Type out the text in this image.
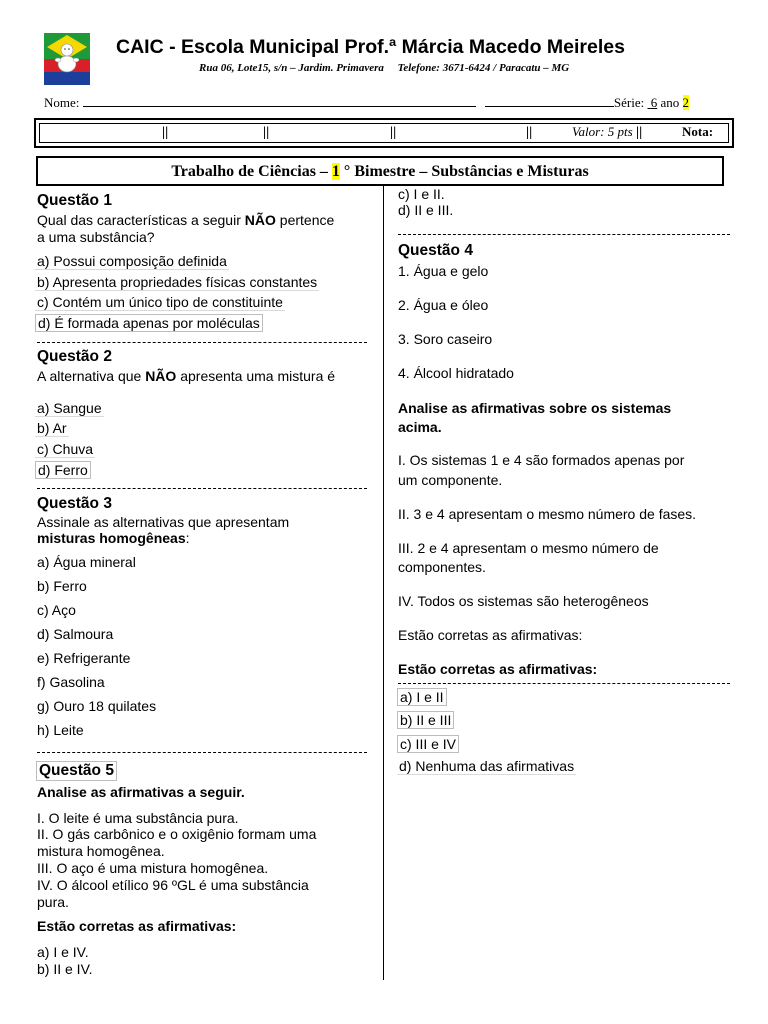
CAIC - Escola Municipal Prof.ª Márcia Macedo Meireles
Rua 06, Lote15, s/n – Jardim. Primavera     Telefone: 3671-6424 / Paracatu – MG
Nome:	Série: 6 ano 2
||	||	||	||	||
Valor: 5 pts	Nota:
Trabalho de Ciências – 1 ° Bimestre – Substâncias e Misturas
Questão 1
Qual das características a seguir NÃO pertence
a uma substância?
a) Possui composição definida
b) Apresenta propriedades físicas constantes
c) Contém um único tipo de constituinte
d) É formada apenas por moléculas
Questão 2
A alternativa que NÃO apresenta uma mistura é
a) Sangue
b) Ar
c) Chuva
d) Ferro
Questão 3
Assinale as alternativas que apresentam
misturas homogêneas:
a) Água mineral
b) Ferro
c) Aço
d) Salmoura
e) Refrigerante
f) Gasolina
g) Ouro 18 quilates
h) Leite
Questão 5
Analise as afirmativas a seguir.
I. O leite é uma substância pura.
II. O gás carbônico e o oxigênio formam uma
mistura homogênea.
III. O aço é uma mistura homogênea.
IV. O álcool etílico 96 ºGL é uma substância
pura.
Estão corretas as afirmativas:
a) I e IV.
b) II e IV.
c) I e II.
d) II e III.
Questão 4
1. Água e gelo
2. Água e óleo
3. Soro caseiro
4. Álcool hidratado
Analise as afirmativas sobre os sistemas
acima.
I. Os sistemas 1 e 4 são formados apenas por
um componente.
II. 3 e 4 apresentam o mesmo número de fases.
III. 2 e 4 apresentam o mesmo número de
componentes.
IV. Todos os sistemas são heterogêneos
Estão corretas as afirmativas:
Estão corretas as afirmativas:
a) I e II
b) II e III
c) III e IV
d) Nenhuma das afirmativas
